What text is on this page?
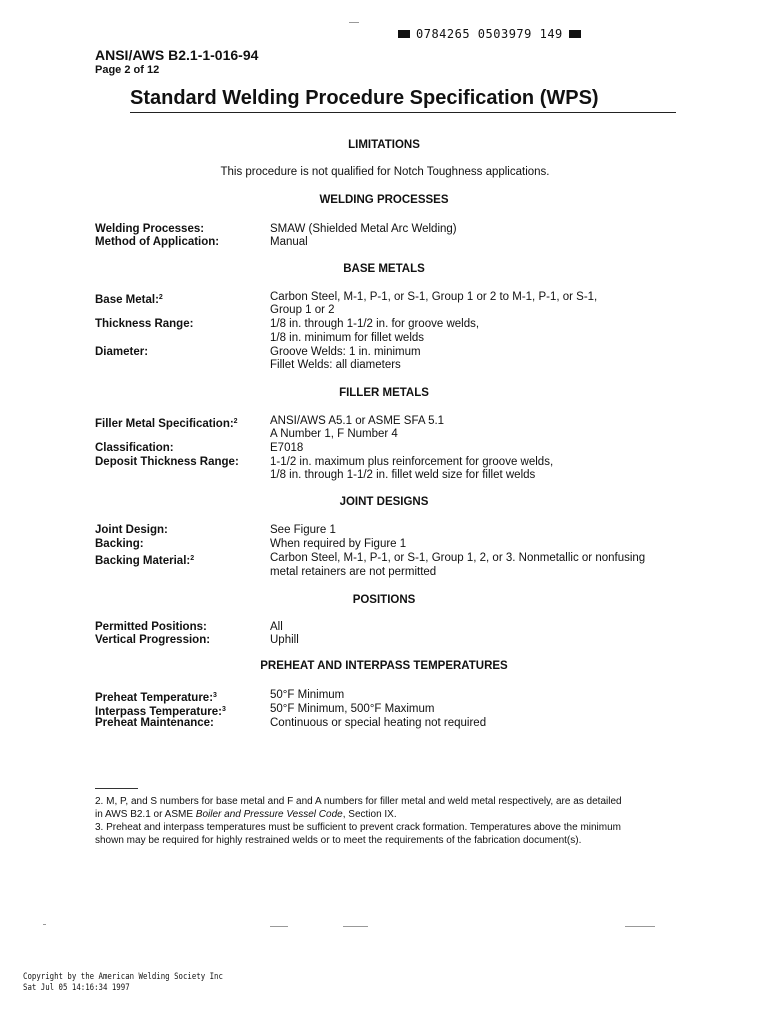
0784265 0503979 149
ANSI/AWS B2.1-1-016-94
Page 2 of 12
Standard Welding Procedure Specification (WPS)
LIMITATIONS
This procedure is not qualified for Notch Toughness applications.
WELDING PROCESSES
Welding Processes:	SMAW (Shielded Metal Arc Welding)
Method of Application:	Manual
BASE METALS
Base Metal:$^2$	Carbon Steel, M-1, P-1, or S-1, Group 1 or 2 to M-1, P-1, or S-1,
Group 1 or 2
Thickness Range:	1/8 in. through 1-1/2 in. for groove welds,
1/8 in. minimum for fillet welds
Diameter:	Groove Welds: 1 in. minimum
Fillet Welds: all diameters
FILLER METALS
Filler Metal Specification:$^2$	ANSI/AWS A5.1 or ASME SFA 5.1
A Number 1, F Number 4
Classification:	E7018
Deposit Thickness Range:	1-1/2 in. maximum plus reinforcement for groove welds,
1/8 in. through 1-1/2 in. fillet weld size for fillet welds
JOINT DESIGNS
Joint Design:	See Figure 1
Backing:	When required by Figure 1
Backing Material:$^2$	Carbon Steel, M-1, P-1, or S-1, Group 1, 2, or 3. Nonmetallic or nonfusing
metal retainers are not permitted
POSITIONS
Permitted Positions:	All
Vertical Progression:	Uphill
PREHEAT AND INTERPASS TEMPERATURES
Preheat Temperature:$^3$	50°F Minimum
Interpass Temperature:$^3$	50°F Minimum, 500°F Maximum
Preheat Maintenance:	Continuous or special heating not required
2. M, P, and S numbers for base metal and F and A numbers for filler metal and weld metal respectively, are as detailed
in AWS B2.1 or ASME Boiler and Pressure Vessel Code, Section IX.
3. Preheat and interpass temperatures must be sufficient to prevent crack formation. Temperatures above the minimum
shown may be required for highly restrained welds or to meet the requirements of the fabrication document(s).
Copyright by the American Welding Society Inc
Sat Jul 05 14:16:34 1997
